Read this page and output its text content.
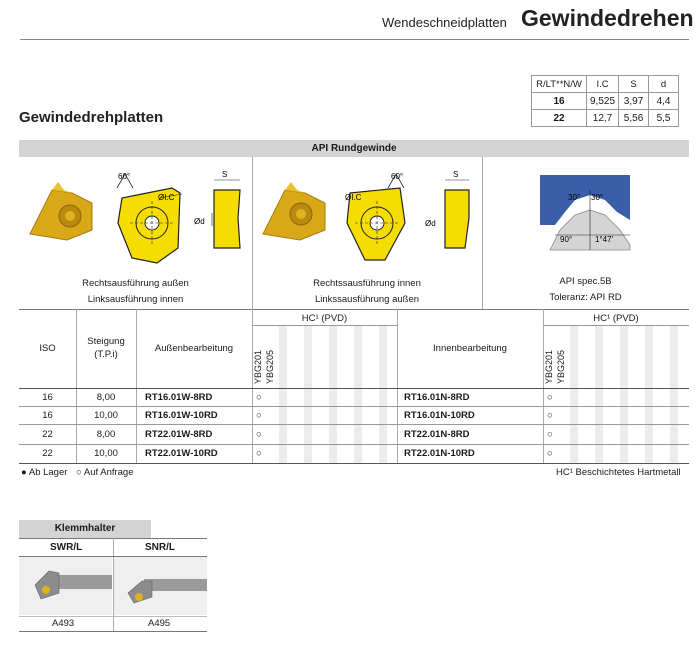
Wendeschneidplatten Gewindedrehen
R/LT**N/W	I.C	S	d
16	9,525	3,97	4,4
22	12,7	5,56	5,5
Gewindedrehplatten
API Rundgewinde
60°
ØI.C
S
Ød
Rechtsausführung außen
Linksausführung innen
60°
ØI.C
S
Ød
Rechtssausführung innen
Linkssausführung außen
30° 30°
90°	1°47'
API spec.5B
Toleranz: API RD
ISO
Steigung
(T.P.i)
Außenbearbeitung	Innenbearbeitung
HC¹ (PVD)	HC¹ (PVD)
YBG201 YBG205	YBG201 YBG205
16	8,00	RT16.01W-8RD	○	RT16.01N-8RD	○
16	10,00	RT16.01W-10RD	○	RT16.01N-10RD	○
22	8,00	RT22.01W-8RD	○	RT22.01N-8RD	○
22	10,00	RT22.01W-10RD	○	RT22.01N-10RD	○
● Ab Lager ○ Auf Anfrage	HC¹ Beschichtetes Hartmetall
Klemmhalter
SWR/L	SNR/L
A493	A495
